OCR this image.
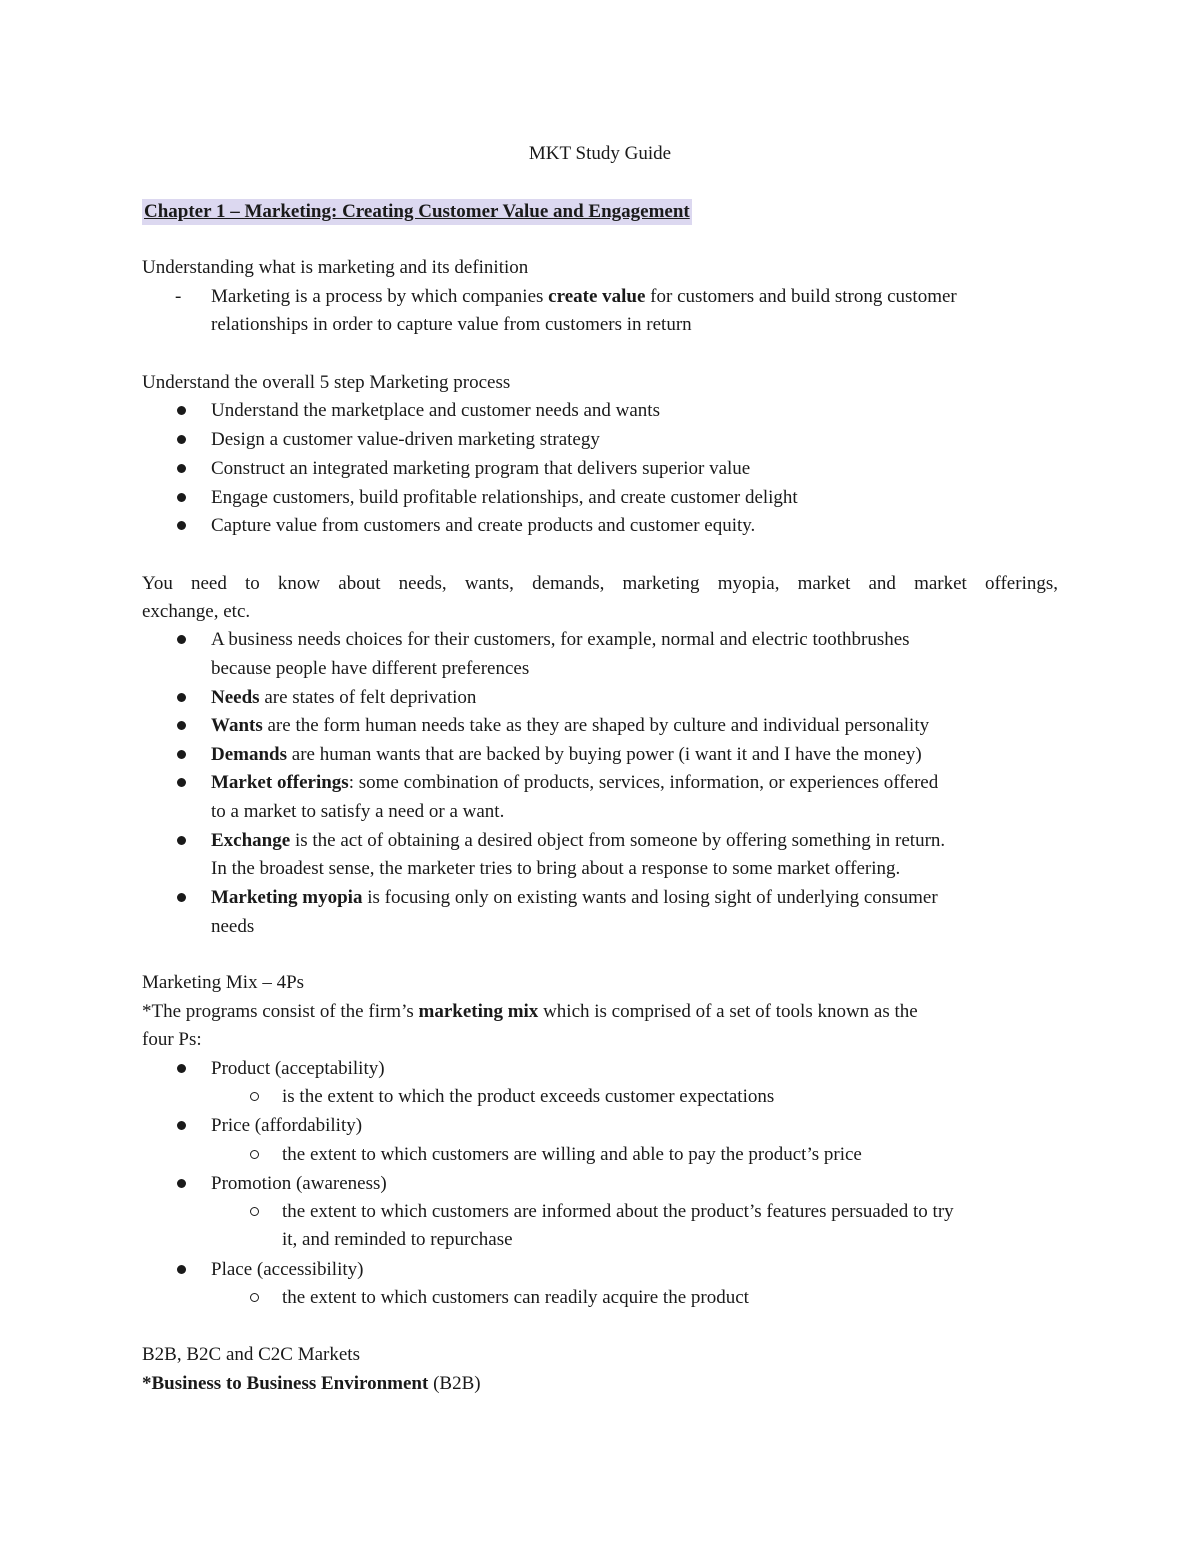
MKT Study Guide
Chapter 1 – Marketing: Creating Customer Value and Engagement
Understanding what is marketing and its definition
- Marketing is a process by which companies create value for customers and build strong customer
relationships in order to capture value from customers in return
Understand the overall 5 step Marketing process
Understand the marketplace and customer needs and wants
Design a customer value-driven marketing strategy
Construct an integrated marketing program that delivers superior value
Engage customers, build profitable relationships, and create customer delight
Capture value from customers and create products and customer equity.
You need to know about needs, wants, demands, marketing myopia, market and market offerings,
exchange, etc.
A business needs choices for their customers, for example, normal and electric toothbrushes
because people have different preferences
Needs are states of felt deprivation
Wants are the form human needs take as they are shaped by culture and individual personality
Demands are human wants that are backed by buying power (i want it and I have the money)
Market offerings: some combination of products, services, information, or experiences offered
to a market to satisfy a need or a want.
Exchange is the act of obtaining a desired object from someone by offering something in return.
In the broadest sense, the marketer tries to bring about a response to some market offering.
Marketing myopia is focusing only on existing wants and losing sight of underlying consumer
needs
Marketing Mix – 4Ps
*The programs consist of the firm’s marketing mix which is comprised of a set of tools known as the
four Ps:
Product (acceptability)
is the extent to which the product exceeds customer expectations
Price (affordability)
the extent to which customers are willing and able to pay the product’s price
Promotion (awareness)
the extent to which customers are informed about the product’s features persuaded to try
it, and reminded to repurchase
Place (accessibility)
the extent to which customers can readily acquire the product
B2B, B2C and C2C Markets
*Business to Business Environment (B2B)
